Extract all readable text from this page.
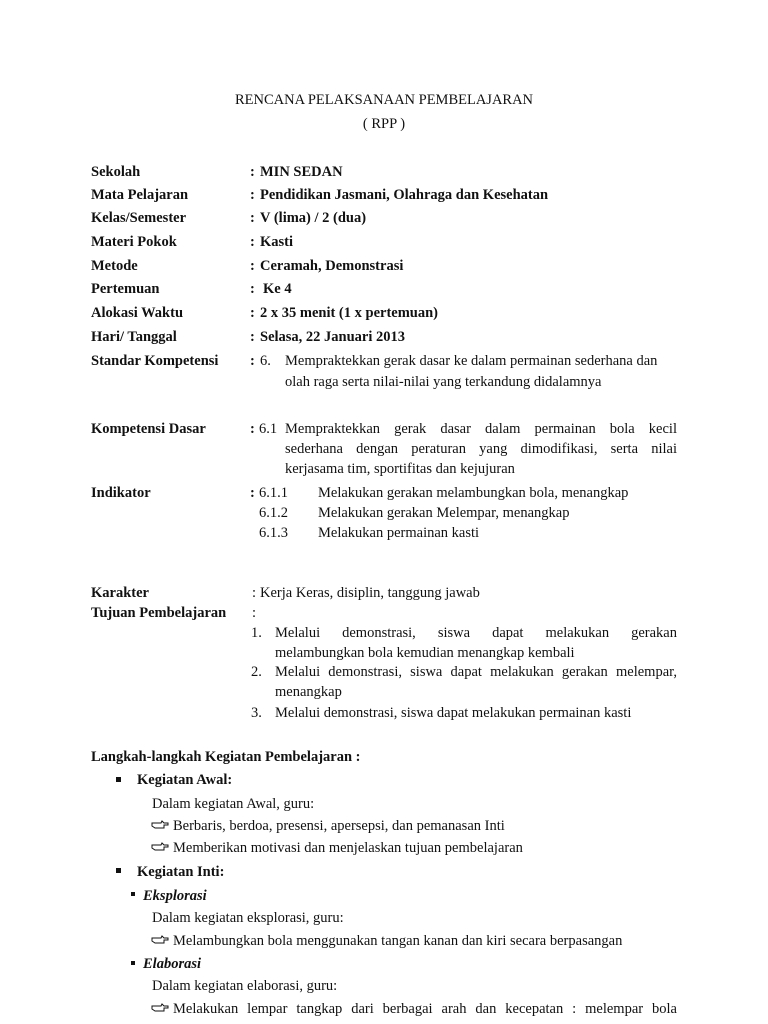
RENCANA PELAKSANAAN PEMBELAJARAN
( RPP )
Sekolah	: MIN SEDAN
Mata Pelajaran	: Pendidikan Jasmani, Olahraga dan Kesehatan
Kelas/Semester	: V (lima) / 2 (dua)
Materi Pokok	: Kasti
Metode	: Ceramah, Demonstrasi
Pertemuan	: Ke 4
Alokasi Waktu	: 2 x 35 menit (1 x pertemuan)
Hari/ Tanggal	: Selasa, 22 Januari 2013
Standar Kompetensi : 6. Mempraktekkan gerak dasar ke dalam permainan sederhana dan
olah raga serta nilai-nilai yang terkandung didalamnya
Kompetensi Dasar	: 6.1 Mempraktekkan gerak dasar dalam permainan bola kecil
sederhana dengan peraturan yang dimodifikasi, serta nilai
kerjasama tim, sportifitas dan kejujuran
Indikator	: 6.1.1 Melakukan gerakan melambungkan bola, menangkap
6.1.2 Melakukan gerakan Melempar, menangkap
6.1.3 Melakukan permainan kasti
Karakter	: Kerja Keras, disiplin, tanggung jawab
Tujuan Pembelajaran :
1. Melalui demonstrasi, siswa dapat melakukan gerakan
melambungkan bola kemudian menangkap kembali
2. Melalui demonstrasi, siswa dapat melakukan gerakan melempar,
menangkap
3. Melalui demonstrasi, siswa dapat melakukan permainan kasti
Langkah-langkah Kegiatan Pembelajaran :
Kegiatan Awal:
Dalam kegiatan Awal, guru:
Berbaris, berdoa, presensi, apersepsi, dan pemanasan Inti
Memberikan motivasi dan menjelaskan tujuan pembelajaran
Kegiatan Inti:
Eksplorasi
Dalam kegiatan eksplorasi, guru:
Melambungkan bola menggunakan tangan kanan dan kiri secara berpasangan
Elaborasi
Dalam kegiatan elaborasi, guru:
Melakukan lempar tangkap dari berbagai arah dan kecepatan : melempar bola
